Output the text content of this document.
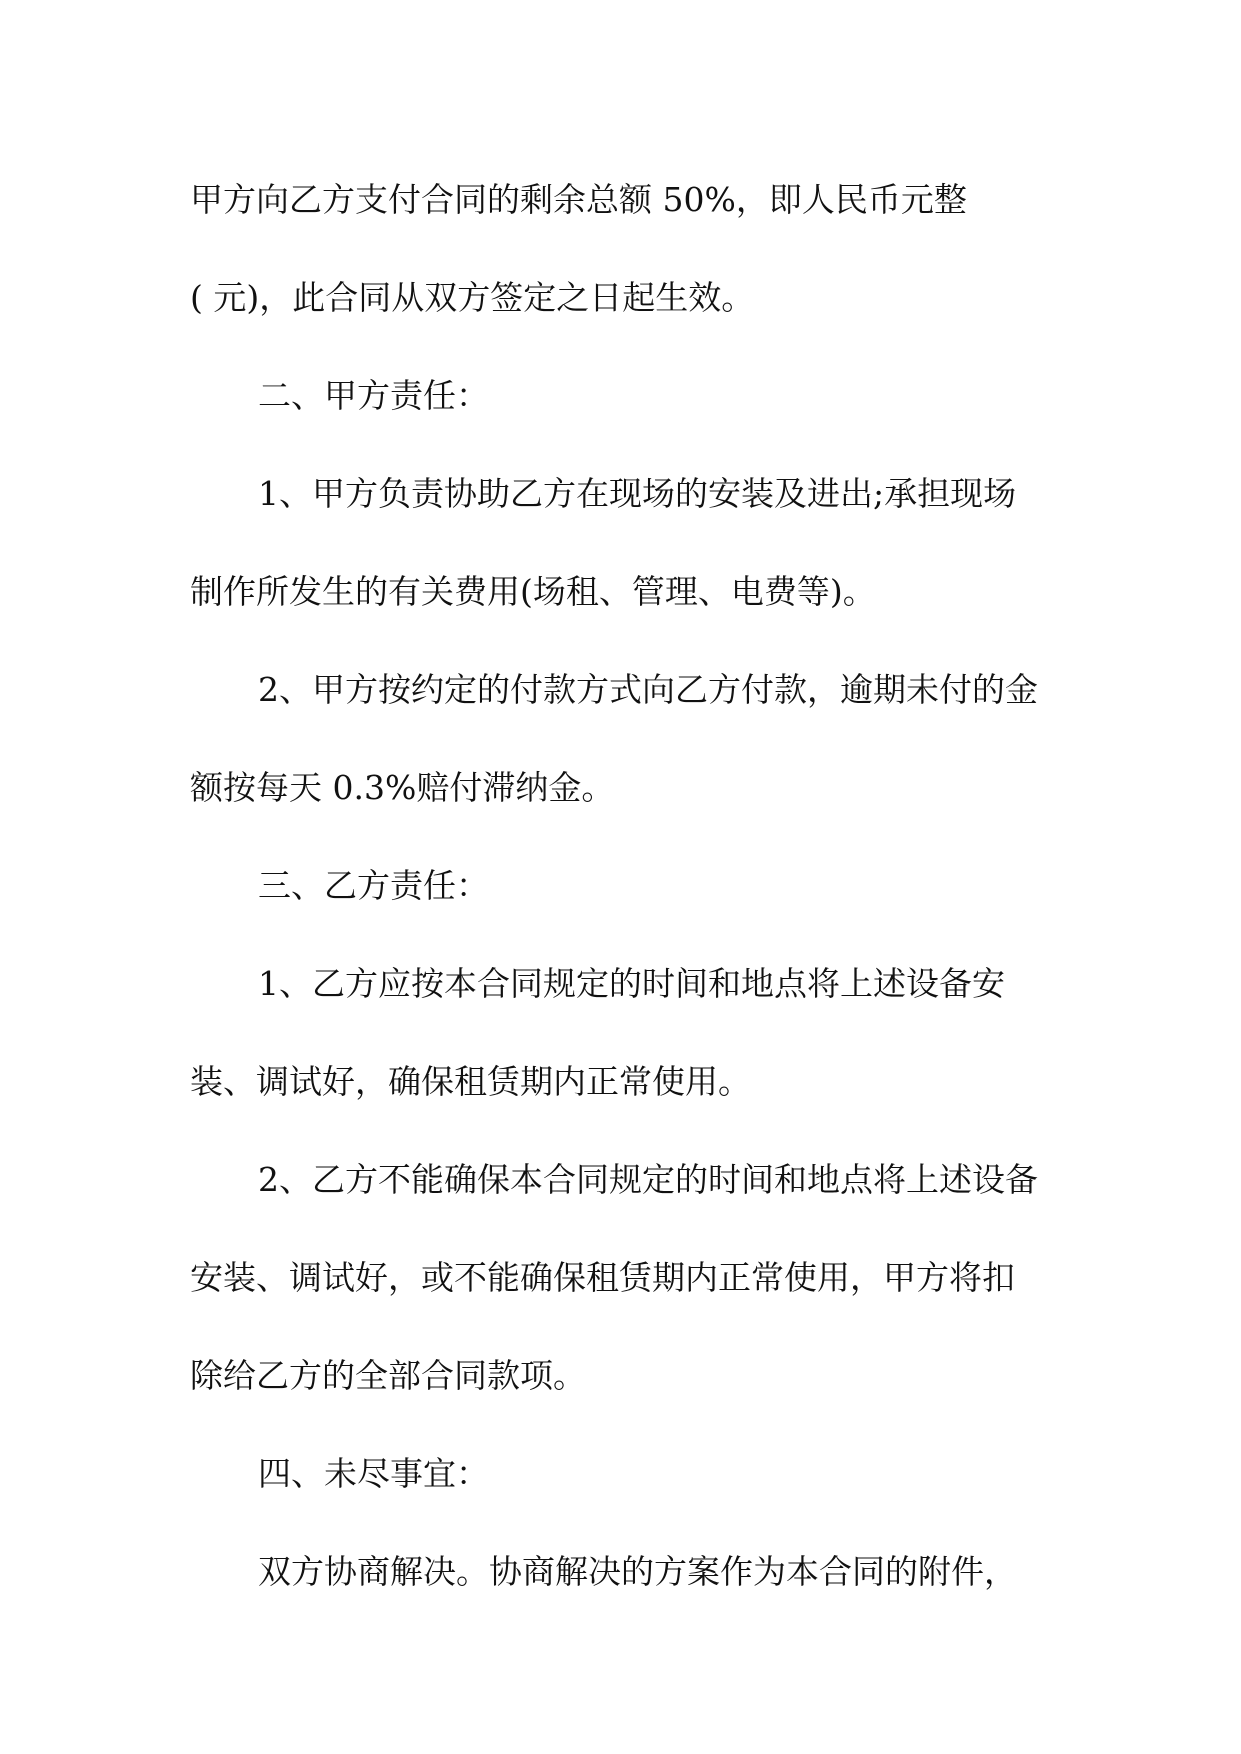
甲方向乙方支付合同的剩余总额 50%，即人民币元整

( 元)，此合同从双方签定之日起生效。

二、甲方责任：

1、甲方负责协助乙方在现场的安装及进出;承担现场

制作所发生的有关费用(场租、管理、电费等)。

2、甲方按约定的付款方式向乙方付款，逾期未付的金

额按每天 0.3%赔付滞纳金。

三、乙方责任：

1、乙方应按本合同规定的时间和地点将上述设备安

装、调试好，确保租赁期内正常使用。

2、乙方不能确保本合同规定的时间和地点将上述设备

安装、调试好，或不能确保租赁期内正常使用，甲方将扣

除给乙方的全部合同款项。

四、未尽事宜：

双方协商解决。协商解决的方案作为本合同的附件，
